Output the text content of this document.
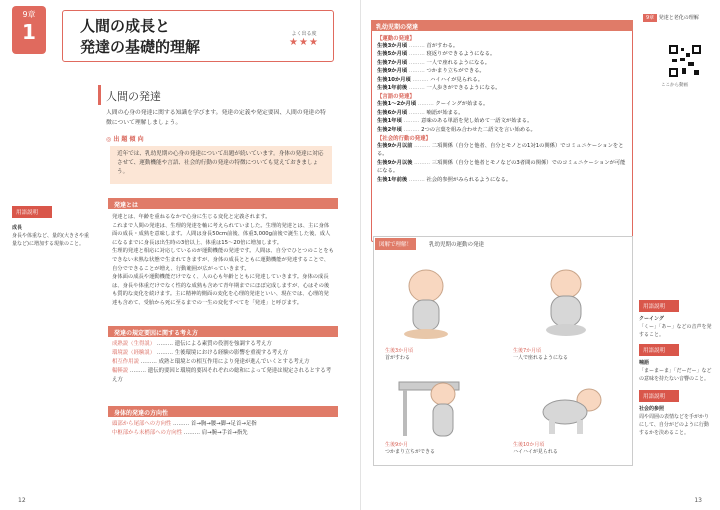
9章
1	人間の成長と
発達の基礎的理解
よく出る度
★★★
人間の発達
人間の心身の発達に関する知識を学びます。発達の定義や発定要因、人間の発達の特徴について理解しましょう。
◎ 出 題 傾 向
近年では、乳幼児期の心身の発達について出題が続いています。身体の発達に対応させて、運動機能や言語、社会的行動の発達の特徴についても覚えておきましょう。
用語説明
成長
身長や体重など、量的(大きさや重量など)に増加する現象のこと。
発達とは

発達とは、年齢を重ねるなかで心身に生じる変化と定義されます。

これまで人間の発達は、生理的発達を軸に考えられていました。生理的発達とは、主に身体面の成長・成熟を意味します。人間は身長50cm前後、体重3,000g前後で誕生した後、成人になるまでに身長は出生時の3倍以上、体重は15〜20倍に増加します。

生理的発達と相応に対応しているのが運動機能の発達です。人間は、自分でひとつのことをもできない未熟な状態で生まれてきますが、身体の成長とともに運動機能が発達することで、自分でできることが増え、行動範囲が広がっていきます。

身体面の成長や運動機能だけでなく、人の心も年齢とともに発達していきます。身体の成長は、身長や体重だけでなく性的な成熟も含めて青年期までにほぼ完成しますが、心はその後も質的な変化を続けます。主に精神的側面の変化を心理的発達といい、現在では、心理的発達も含めて、受胎から死に至るまでの一生の変化すべてを「発達」と呼びます。

発達の規定要因に関する考え方
成熟説（生得説） ……… 遺伝による素質の役割を強調する考え方
環境説（経験説） ……… 生後環境における経験の影響を重視する考え方
相互作用説 ……… 成熟と環境との相互作用により発達が進んでいくとする考え方
輻輳説 ……… 遺伝的要因と環境的要因それぞれの総和によって発達は規定されるとする考え方
身体的発達の方向性
頭部から尾部への方向性 ……… 首→胸→腰→脚→足首→足指
中枢部から末梢部への方向性 ……… 肩→腕→手首→指先
12
9章 発達と老化の理解
ここから動画
乳幼児期の発達
【運動の発達】
生後3か月頃 ……… 首がすわる。
生後5か月頃 ……… 寝返りができるようになる。
生後7か月頃 ……… 一人で座れるようになる。
生後9か月頃 ……… つかまり立ちができる。
生後10か月頃 ……… ハイハイが見られる。
生後1年前後 ……… 一人歩きができるようになる。
【言語の発達】
生後1〜2か月頃 ……… クーイングが始まる。
生後6か月頃 ……… 喃語が始まる。
生後1年頃 ……… 意味のある単語を発し始めて一語文が始まる。
生後2年頃 ……… 2つの言葉を組み合わせた二語文を言い始める。
【社会的行動の発達】
生後9か月以前 ……… 二項関係（自分と他者、自分とモノとの1対1の関係）でコミュニケーションをとる。
生後9か月以後 ……… 三項関係（自分と他者とモノなどの3者間の関係）でのコミュニケーションが可能になる。
生後1年前後 ……… 社会的参照がみられるようになる。
図解で理解！	乳幼児期の運動の発達
生後3か月頃
首がすわる
生後7か月頃
一人で座れるようになる
生後9か月
つかまり立ちができる
生後10か月頃
ハイハイが見られる
用語説明
クーイング
「くー」「あー」などの音声を発すること。
用語説明
喃語
「まーまーま」「だーだー」などの意味を持たない音響のこと。
用語説明
社会的参照
周や周囲の表情などを手がかりにして、自分がどのように行動するかを決めること。
13
